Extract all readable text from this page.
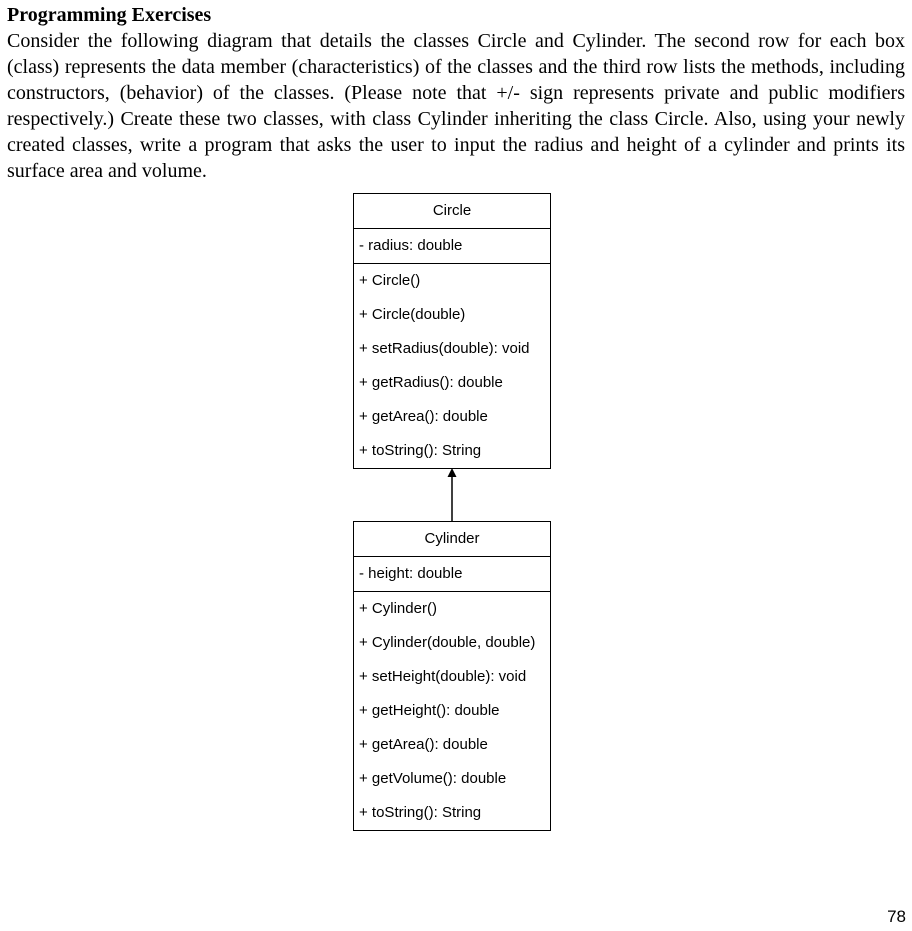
Programming Exercises

Consider the following diagram that details the classes Circle and Cylinder. The second row for each box (class) represents the data member (characteristics) of the classes and the third row lists the methods, including constructors, (behavior) of the classes. (Please note that +/- sign represents private and public modifiers respectively.) Create these two classes, with class Cylinder inheriting the class Circle. Also, using your newly created classes, write a program that asks the user to input the radius and height of a cylinder and prints its surface area and volume.

Circle
- radius: double
+ Circle()
+ Circle(double)
+ setRadius(double): void
+ getRadius(): double
+ getArea(): double
+ toString(): String
Cylinder
- height: double
+ Cylinder()
+ Cylinder(double, double)
+ setHeight(double): void
+ getHeight(): double
+ getArea(): double
+ getVolume(): double
+ toString(): String
78
